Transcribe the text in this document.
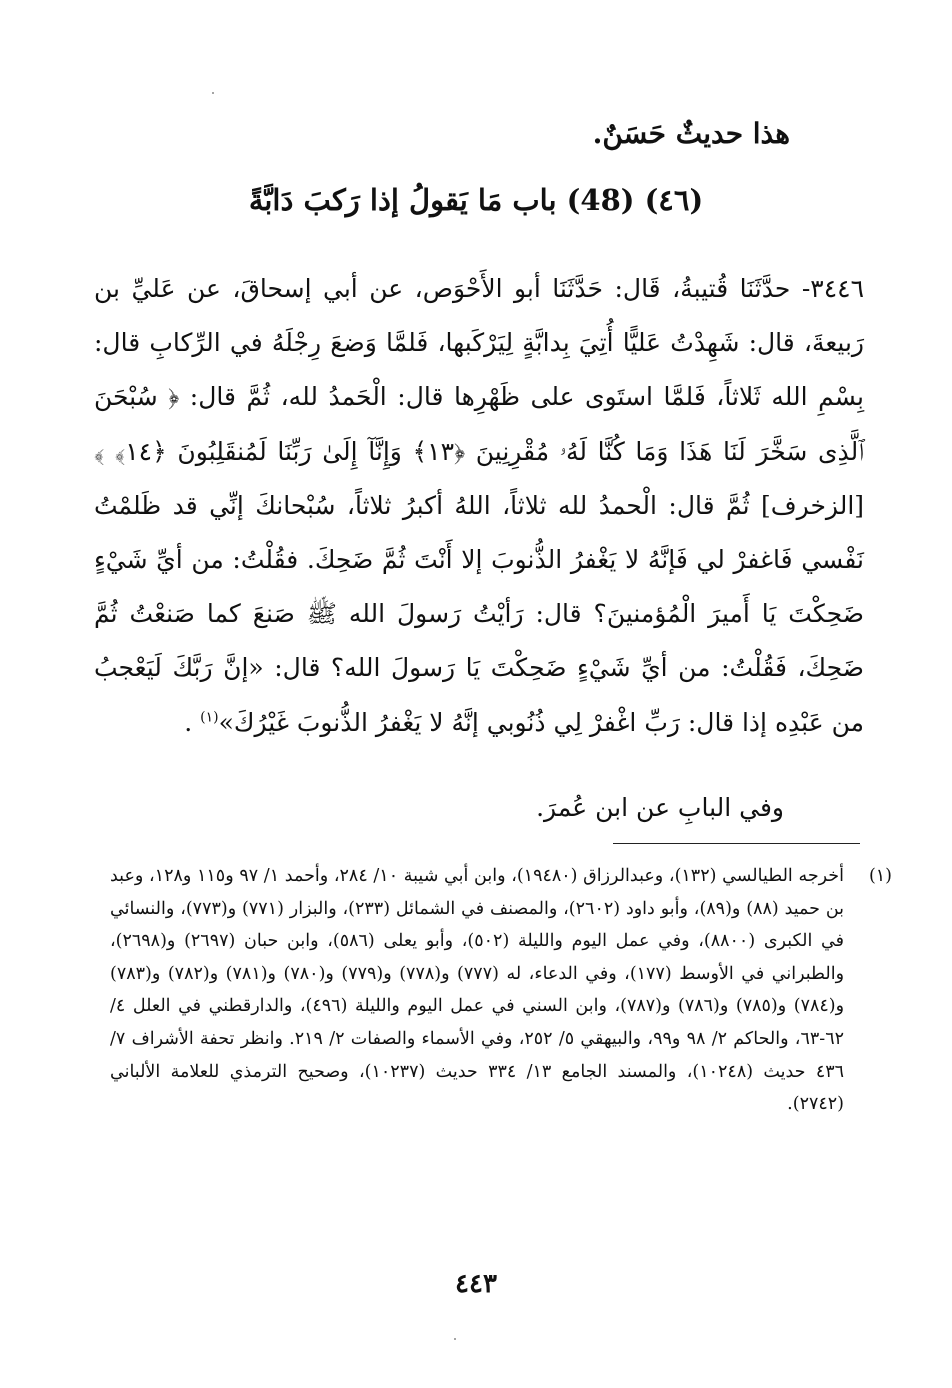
هذا حديثٌ حَسَنٌ.
(٤٦) (48) باب مَا يَقولُ إذا رَكبَ دَابَّةً
٣٤٤٦- حدَّثَنَا قُتيبةُ، قَال: حَدَّثَنَا أبو الأَحْوَص، عن أبي إسحاقَ، عن عَليِّ بن رَبيعةَ، قال: شَهِدْتُ عَليًّا أُتِيَ بِدابَّةٍ لِيَرْكَبها، فَلمَّا وَضعَ رِجْلَهُ في الرِّكابِ قال: بِسْمِ الله ثَلاثاً، فَلمَّا استَوى على ظَهْرِها قال: الْحَمدُ لله، ثُمَّ قال: ﴿ سُبْحَنَ ٱلَّذِى سَخَّرَ لَنَا هَذَا وَمَا كُنَّا لَهُۥ مُقْرِنِينَ ﴿١٣﴾ وَإِنَّآ إِلَىٰ رَبِّنَا لَمُنقَلِبُونَ ﴿١٤﴾ ﴾ [الزخرف] ثُمَّ قال: الْحمدُ لله ثلاثاً، اللهُ أكبرُ ثلاثاً، سُبْحانكَ إنِّي قد ظَلمْتُ نَفْسي فَاغفرْ لي فَإنَّهُ لا يَغْفرُ الذُّنوبَ إلا أَنْتَ ثُمَّ ضَحِكَ. فقُلْتُ: من أيِّ شَيْءٍ ضَحِكْتَ يَا أَميرَ الْمُؤمنينَ؟ قال: رَأيْتُ رَسولَ الله ﷺ صَنعَ كما صَنعْتُ ثُمَّ ضَحِكَ، فَقُلْتُ: من أيِّ شَيْءٍ ضَحِكْتَ يَا رَسولَ الله؟ قال: «إنَّ رَبَّكَ لَيَعْجبُ من عَبْدِه إذا قال: رَبِّ اغْفرْ لِي ذُنُوبي إنَّهُ لا يَغْفرُ الذُّنوبَ غَيْرُكَ»$^{(١)}$ .
وفي البابِ عن ابن عُمرَ.
(١)
أخرجه الطيالسي (١٣٢)، وعبدالرزاق (١٩٤٨٠)، وابن أبي شيبة ١٠/ ٢٨٤، وأحمد ١/ ٩٧ و١١٥ و١٢٨، وعبد بن حميد (٨٨) و(٨٩)، وأبو داود (٢٦٠٢)، والمصنف في الشمائل (٢٣٣)، والبزار (٧٧١) و(٧٧٣)، والنسائي في الكبرى (٨٨٠٠)، وفي عمل اليوم والليلة (٥٠٢)، وأبو يعلى (٥٨٦)، وابن حبان (٢٦٩٧) و(٢٦٩٨)، والطبراني في الأوسط (١٧٧)، وفي الدعاء، له (٧٧٧) و(٧٧٨) و(٧٧٩) و(٧٨٠) و(٧٨١) و(٧٨٢) و(٧٨٣) و(٧٨٤) و(٧٨٥) و(٧٨٦) و(٧٨٧)، وابن السني في عمل اليوم والليلة (٤٩٦)، والدارقطني في العلل ٤/ ٦٢-٦٣، والحاكم ٢/ ٩٨ و٩٩، والبيهقي ٥/ ٢٥٢، وفي الأسماء والصفات ٢/ ٢١٩. وانظر تحفة الأشراف ٧/ ٤٣٦ حديث (١٠٢٤٨)، والمسند الجامع ١٣/ ٣٣٤ حديث (١٠٢٣٧)، وصحيح الترمذي للعلامة الألباني (٢٧٤٢).
٤٤٣
